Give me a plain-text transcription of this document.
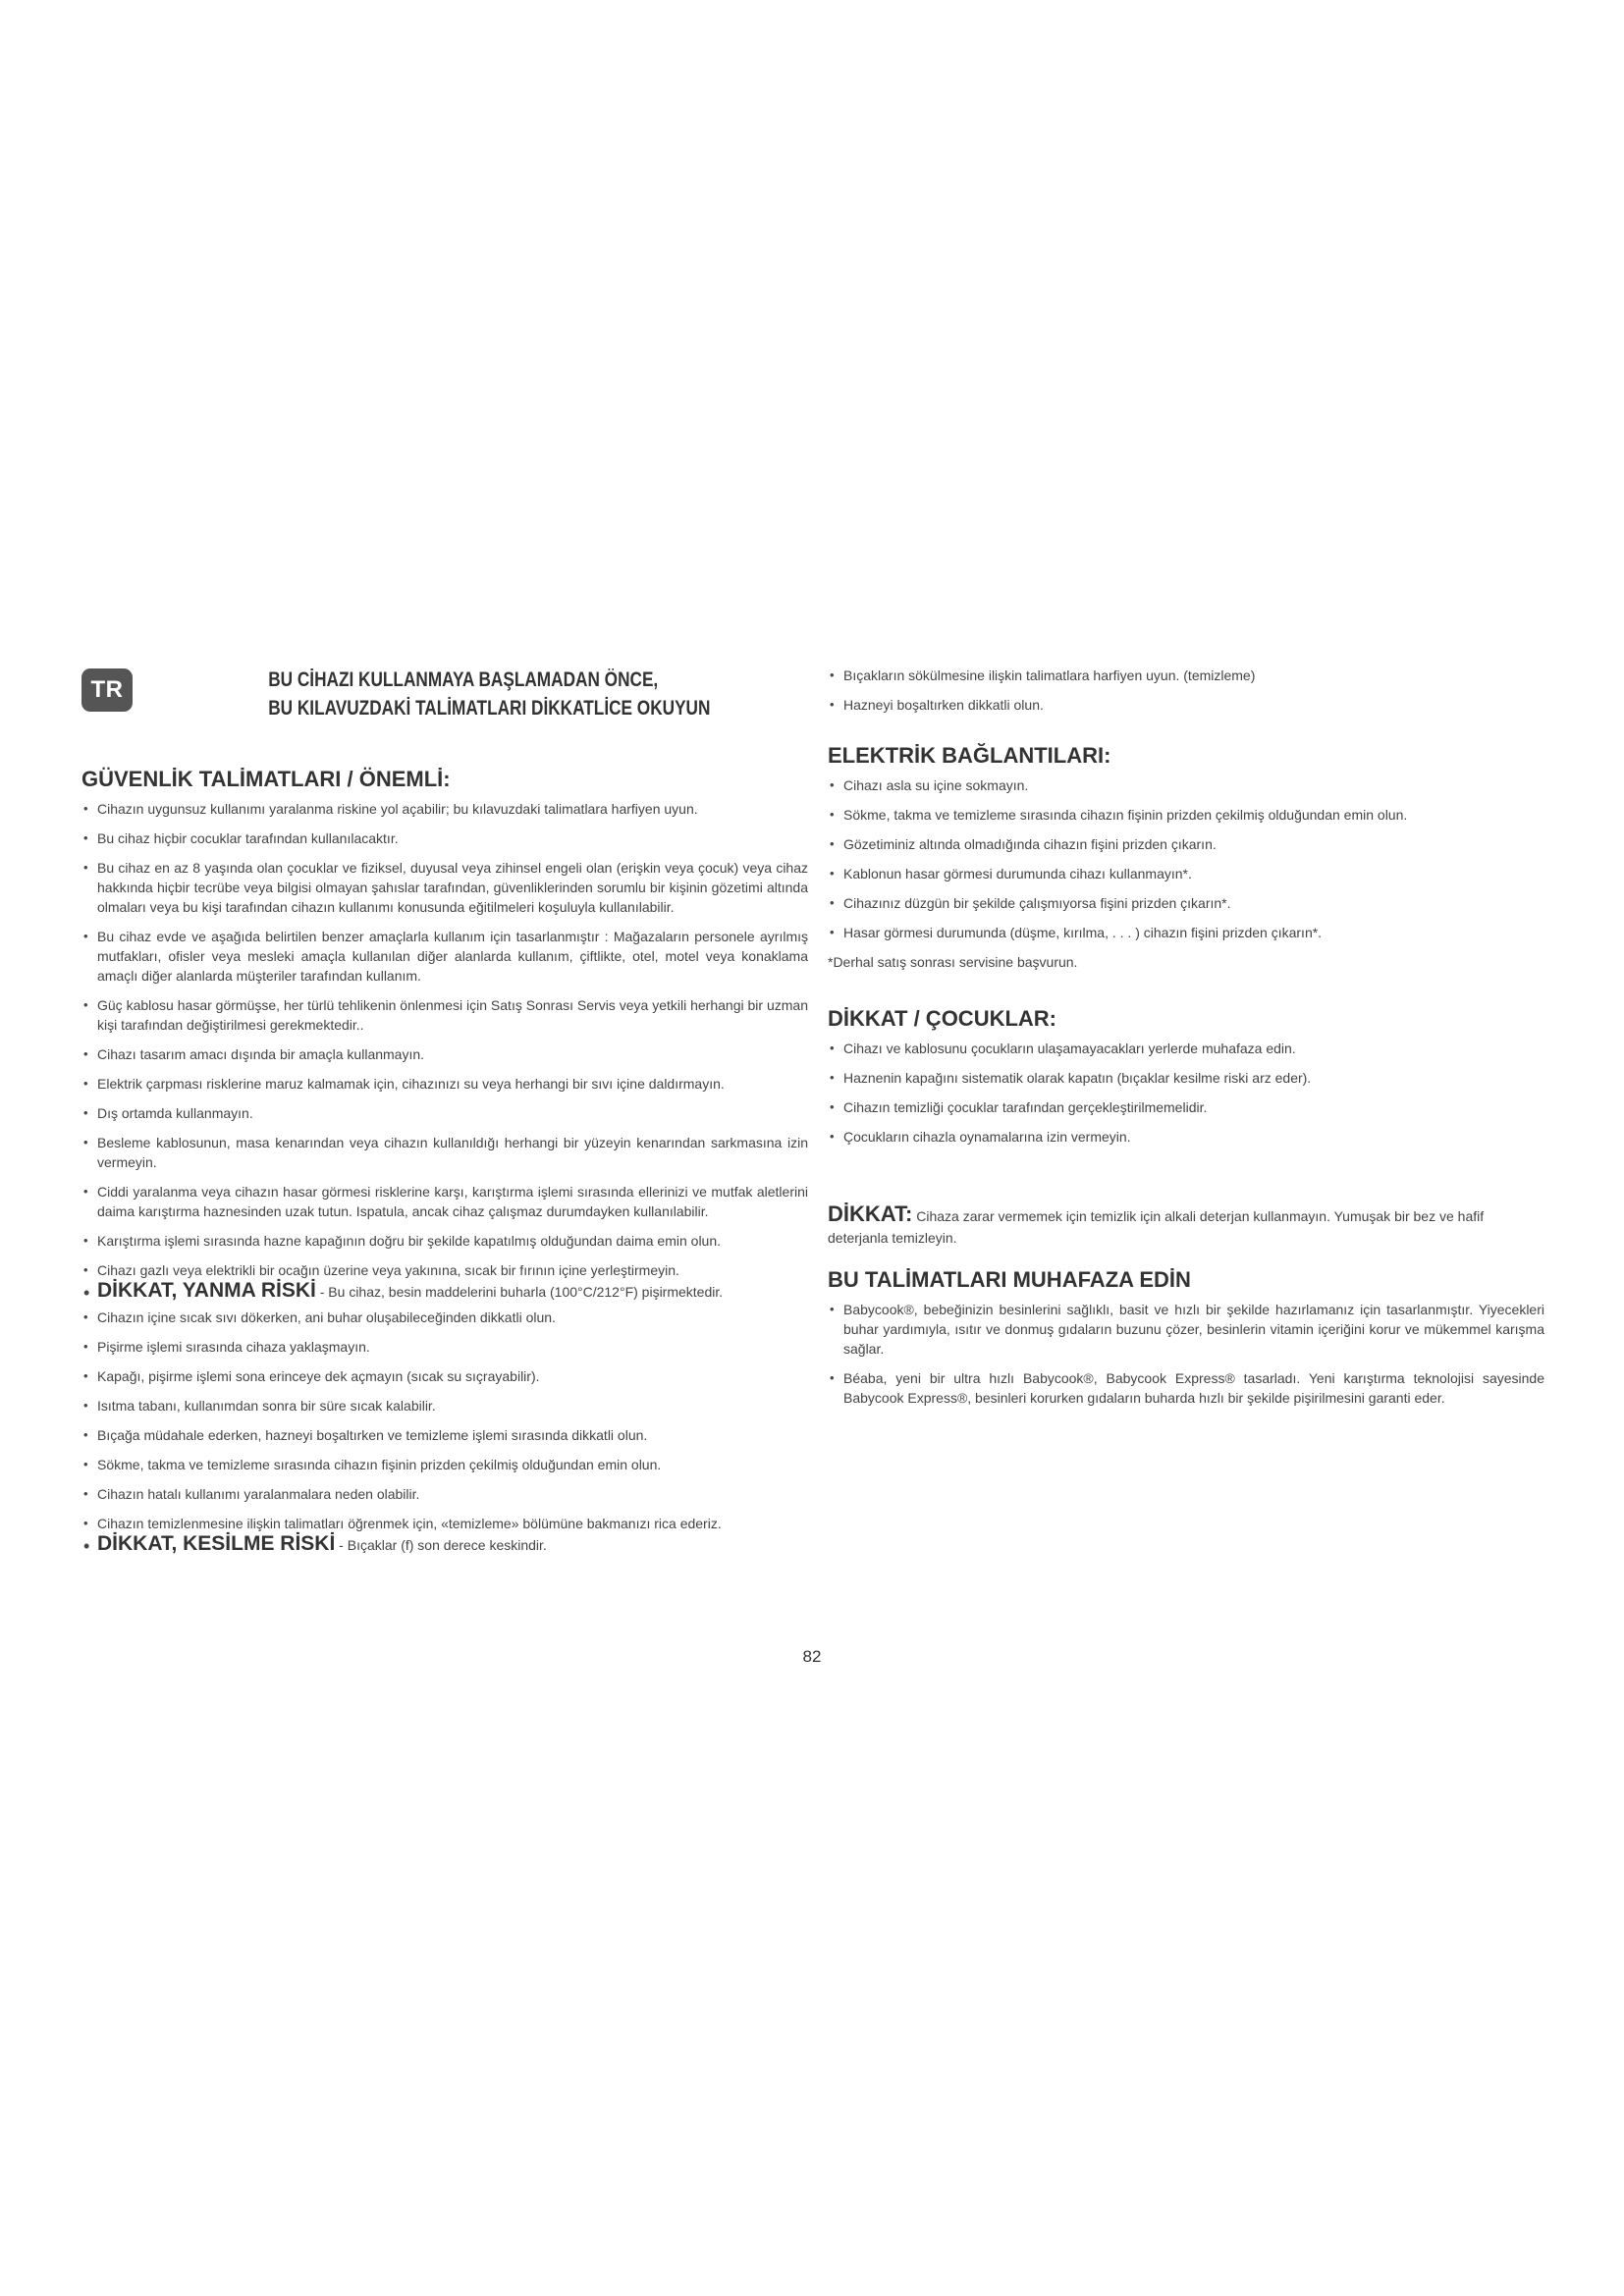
TR	BU CİHAZI KULLANMAYA BAŞLAMADAN ÖNCE,
BU KILAVUZDAKİ TALİMATLARI DİKKATLİCE OKUYUN
GÜVENLİK TALİMATLARI / ÖNEMLİ:
• Cihazın uygunsuz kullanımı yaralanma riskine yol açabilir; bu kılavuzdaki talimatlara harfiyen uyun.
• Bu cihaz hiçbir cocuklar tarafından kullanılacaktır.
• Bu cihaz en az 8 yaşında olan çocuklar ve fiziksel, duyusal veya zihinsel engeli olan (erişkin veya çocuk) veya cihaz hakkında hiçbir tecrübe veya bilgisi olmayan şahıslar tarafından, güvenliklerinden sorumlu bir kişinin gözetimi altında olmaları veya bu kişi tarafından cihazın kullanımı konusunda eğitilmeleri koşuluyla kullanılabilir.
• Bu cihaz evde ve aşağıda belirtilen benzer amaçlarla kullanım için tasarlanmıştır : Mağazaların personele ayrılmış mutfakları, ofisler veya mesleki amaçla kullanılan diğer alanlarda kullanım, çiftlikte, otel, motel veya konaklama amaçlı diğer alanlarda müşteriler tarafından kullanım.
• Güç kablosu hasar görmüşse, her türlü tehlikenin önlenmesi için Satış Sonrası Servis veya yetkili herhangi bir uzman kişi tarafından değiştirilmesi gerekmektedir..
• Cihazı tasarım amacı dışında bir amaçla kullanmayın.
• Elektrik çarpması risklerine maruz kalmamak için, cihazınızı su veya herhangi bir sıvı içine daldırmayın.
• Dış ortamda kullanmayın.
• Besleme kablosunun, masa kenarından veya cihazın kullanıldığı herhangi bir yüzeyin kenarından sarkmasına izin vermeyin.
• Ciddi yaralanma veya cihazın hasar görmesi risklerine karşı, karıştırma işlemi sırasında ellerinizi ve mutfak aletlerini daima karıştırma haznesinden uzak tutun. Ispatula, ancak cihaz çalışmaz durumdayken kullanılabilir.
• Karıştırma işlemi sırasında hazne kapağının doğru bir şekilde kapatılmış olduğundan daima emin olun.
• Cihazı gazlı veya elektrikli bir ocağın üzerine veya yakınına, sıcak bir fırının içine yerleştirmeyin.
• DİKKAT, YANMA RİSKİ - Bu cihaz, besin maddelerini buharla (100°C/212°F) pişirmektedir.
• Cihazın içine sıcak sıvı dökerken, ani buhar oluşabileceğinden dikkatli olun.
• Pişirme işlemi sırasında cihaza yaklaşmayın.
• Kapağı, pişirme işlemi sona erinceye dek açmayın (sıcak su sıçrayabilir).
• Isıtma tabanı, kullanımdan sonra bir süre sıcak kalabilir.
• Bıçağa müdahale ederken, hazneyi boşaltırken ve temizleme işlemi sırasında dikkatli olun.
• Sökme, takma ve temizleme sırasında cihazın fişinin prizden çekilmiş olduğundan emin olun.
• Cihazın hatalı kullanımı yaralanmalara neden olabilir.
• Cihazın temizlenmesine ilişkin talimatları öğrenmek için, «temizleme» bölümüne bakmanızı rica ederiz.
• DİKKAT, KESİLME RİSKİ - Bıçaklar (f) son derece keskindir.
• Bıçakların sökülmesine ilişkin talimatlara harfiyen uyun. (temizleme)
• Hazneyi boşaltırken dikkatli olun.
ELEKTRİK BAĞLANTILARI:
• Cihazı asla su içine sokmayın.
• Sökme, takma ve temizleme sırasında cihazın fişinin prizden çekilmiş olduğundan emin olun.
• Gözetiminiz altında olmadığında cihazın fişini prizden çıkarın.
• Kablonun hasar görmesi durumunda cihazı kullanmayın*.
• Cihazınız düzgün bir şekilde çalışmıyorsa fişini prizden çıkarın*.
• Hasar görmesi durumunda (düşme, kırılma, . . . ) cihazın fişini prizden çıkarın*.

*Derhal satış sonrası servisine başvurun.

DİKKAT / ÇOCUKLAR:
• Cihazı ve kablosunu çocukların ulaşamayacakları yerlerde muhafaza edin.
• Haznenin kapağını sistematik olarak kapatın (bıçaklar kesilme riski arz eder).
• Cihazın temizliği çocuklar tarafından gerçekleştirilmemelidir.
• Çocukların cihazla oynamalarına izin vermeyin.

DİKKAT: Cihaza zarar vermemek için temizlik için alkali deterjan kullanmayın. Yumuşak bir bez ve hafif deterjanla temizleyin.

BU TALİMATLARI MUHAFAZA EDİN
• Babycook®, bebeğinizin besinlerini sağlıklı, basit ve hızlı bir şekilde hazırlamanız için tasarlanmıştır. Yiyecekleri buhar yardımıyla, ısıtır ve donmuş gıdaların buzunu çözer, besinlerin vitamin içeriğini korur ve mükemmel karışma sağlar.
• Béaba, yeni bir ultra hızlı Babycook®, Babycook Express® tasarladı. Yeni karıştırma teknolojisi sayesinde Babycook Express®, besinleri korurken gıdaların buharda hızlı bir şekilde pişirilmesini garanti eder.
82
